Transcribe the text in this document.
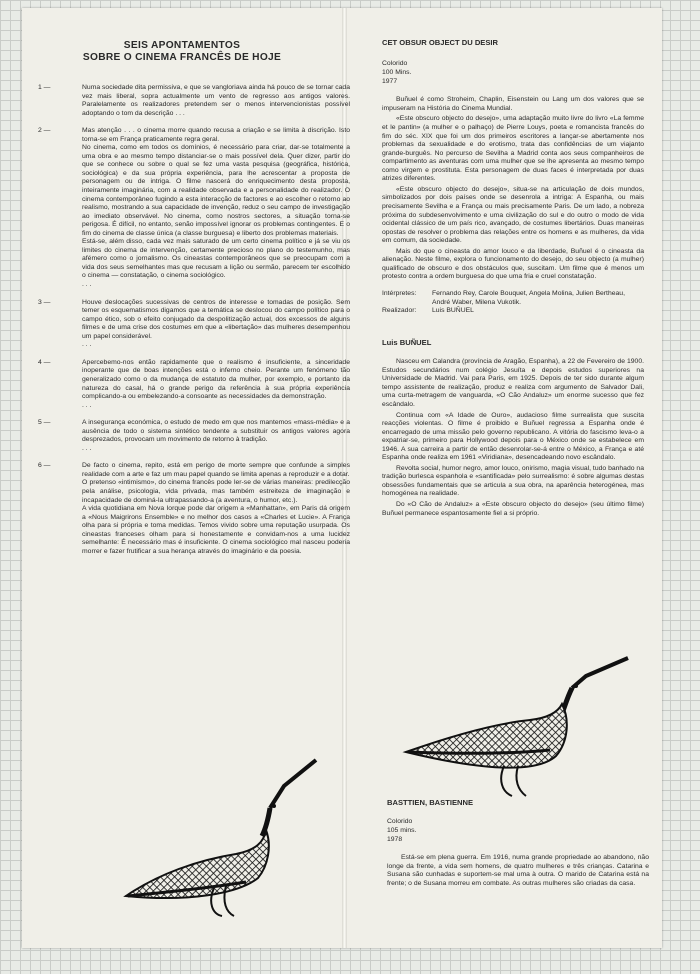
SEIS APONTAMENTOS
SOBRE O CINEMA FRANCÊS DE HOJE
1 —	Numa sociedade dita permissiva, e que se vangloriava ainda há pouco de se tornar cada vez mais liberal, sopra actualmente um vento de regresso aos antigos valores. Paralelamente os realizadores pretendem ser o menos intervencionistas possível adoptando o tom da descrição . . .

2 —	Mas atenção . . . o cinema morre quando recusa a criação e se limita à discrição. Isto torna-se em França praticamente regra geral.

No cinema, como em todos os domínios, é necessário para criar, dar-se totalmente a uma obra e ao mesmo tempo distanciar-se o mais possível dela. Quer dizer, partir do que se conhece ou sobre o qual se fez uma vasta pesquisa (geográfica, histórica, sociológica) e da sua própria experiência, para lhe acrescentar a proposta de personagem ou de intriga. O filme nascerá do enriquecimento desta proposta, inteiramente imaginária, com a realidade observada e a personalidade do realizador. O cinema contemporâneo fugindo a esta interacção de factores e ao escolher o retorno ao realismo, mostrando a sua capacidade de invenção, reduz o seu campo de investigação ao imediato observável. No cinema, como nostros sectores, a situação torna-se perigosa. É difícil, no entanto, senão impossível ignorar os problemas contingentes. E o fim do cinema de classe única (a classe burguesa) e liberto dos problemas materiais.

Está-se, além disso, cada vez mais saturado de um certo cinema político e já se viu os limites do cinema de intervenção, certamente precioso no plano do testemunho, mas afémero como o jornalismo. Os cineastas contemporâneos que se preocupam com a vida dos seus semelhantes mas que recusam a lição ou sermão, parecem ter escolhido o cinema — constatação, o cinema sociológico.

. . .

3 —	Houve deslocações sucessivas de centros de interesse e tomadas de posição. Sem temer os esquematismos digamos que a temática se deslocou do campo político para o campo ético, sob o efeito conjugado da despolitização actual, dos excessos de alguns filmes e de uma crise dos costumes em que a «libertação» das mulheres desempenhou um papel considerável.

. . .

4 —	Apercebemo-nos então rapidamente que o realismo é insuficiente, a sinceridade inoperante que de boas intenções está o inferno cheio. Perante um fenómeno tão generalizado como o da mudança de estatuto da mulher, por exemplo, e portanto da natureza do casal, há o grande perigo da referência à sua própria experiência complicando-a ou embelezando-a consoante as necessidades da demonstração.

. . .

5 —	A insegurança económica, o estudo de medo em que nos mantemos «mass-média» e a ausência de todo o sistema sintético tendente a substituir os antigos valores agora desprezados, provocam um movimento de retorno à tradição.

. . .

6 —	De facto o cinema, repito, está em perigo de morte sempre que confunde a simples realidade com a arte e faz um mau papel quando se limita apenas a reproduzir e a dotar.

O pretenso «intimismo», do cinema francês pode ler-se de várias maneiras: predilecção pela análise, psicologia, vida privada, mas também estreiteza de imaginação e incapacidade de dominá-la ultrapassando-a (a aventura, o humor, etc.).

A vida quotidiana em Nova Iorque pode dar origem a «Manhattan», em Paris dá origem a «Nous Maigrirons Ensemble» e no melhor dos casos a «Charles et Lucie». A França olha para si própria e toma medidas. Temos vivido sobre uma reputação usurpada. Os cineastas franceses olham para si honestamente e convidam-nos a uma lucidez semelhante: É necessário mas é insuficiente. O cinema sociológico mal nasceu poderia morrer e fazer frutificar a sua herança através do imaginário e da poesia.

CET OBSUR OBJECT DU DESIR
Colorido
100 Mins.
1977

Buñuel é como Stroheim, Chaplin, Eisenstein ou Lang um dos valores que se impuseram na História do Cinema Mundial.

«Este obscuro objecto do desejo», uma adaptação muito livre do livro «La femme et le pantin» (a mulher e o palhaço) de Pierre Louys, poeta e romancista francês do fim do séc. XIX que foi um dos primeiros escritores a lançar-se abertamente nos problemas da sexualidade e do erotismo, trata das confidências de um viajanto grande-burguês. No percurso de Sevilha a Madrid conta aos seus companheiros de compartimento as aventuras com uma mulher que se lhe apresenta ao mesmo tempo como virgem e prostituta. Esta personagem de duas faces é interpretada por duas atrizes diferentes.

«Este obscuro objecto do desejo», situa-se na articulação de dois mundos, simbolizados por dois países onde se desenrola a intriga: A Espanha, ou mais precisamente Sevilha e a França ou mais precisamente Paris. De um lado, a nobreza próxima do subdesenvolvimento e uma civilização do sul e do outro o modo de vida ocidental clássico de um país rico, avançado, de costumes libertários. Duas maneiras opostas de resolver o problema das relações entre os homens e as mulheres, da vida em comum, da sociedade.

Mais do que o cineasta do amor louco e da liberdade, Buñuel é o cineasta da alienação. Neste filme, explora o funcionamento do desejo, do seu objecto (a mulher) qualificado de obscuro e dos obstáculos que, suscitam. Um filme que é menos um protesto contra a ordem burguesa do que uma fria e cruel constatação.

Intérpretes: Fernando Rey, Carole Bouquet, Angela Molina, Julien Bertheau, André Waber, Milena Vukotik.
Realizador: Luis BUÑUEL
Luis BUÑUEL

Nasceu em Calandra (província de Aragão, Espanha), a 22 de Fevereiro de 1900. Estudos secundários num colégio Jesuíta e depois estudos superiores na Universidade de Madrid. Vai para Paris, em 1925. Depois de ter sido durante algum tempo assistente de realização, produz e realiza com argumento de Salvador Dali, uma curta-metragem de vanguarda, «O Cão Andaluz» um enorme sucesso que fez escândalo.

Continua com «A Idade de Ouro», audacioso filme surrealista que suscita reacções violentas. O filme é proibido e Buñuel regressa a Espanha onde é encarregado de uma missão pelo governo republicano. A vitória do fascismo leva-o a expatriar-se, primeiro para Hollywood depois para o México onde se estabelece em 1946. A sua carreira a partir de então desenrolar-se-á entre o México, a França e até Espanha onde realiza em 1961 «Viridiana», desencadeando novo escândalo.

Revolta social, humor negro, amor louco, onirismo, magia visual, tudo banhado na tradição burlesca espanhola e «santificada» pelo surrealismo: é sobre algumas destas obsessões fundamentais que se articula a sua obra, na aparência heterogénea, mas homogénea na realidade.

Do «O Cão de Andaluz» a «Este obscuro objecto do desejo» (seu último filme) Buñuel permanece espantosamente fiel a si próprio.

BASTTIEN, BASTIENNE
Colorido
105 mins.
1978

Está-se em plena guerra. Em 1916, numa grande propriedade ao abandono, não longe da frente, a vida sem homens, de quatro mulheres e três crianças. Catarina e Susana são cunhadas e suportem-se mal uma à outra. O marido de Catarina está na frente; o de Susana morreu em combate. As outras mulheres são criadas da casa.
